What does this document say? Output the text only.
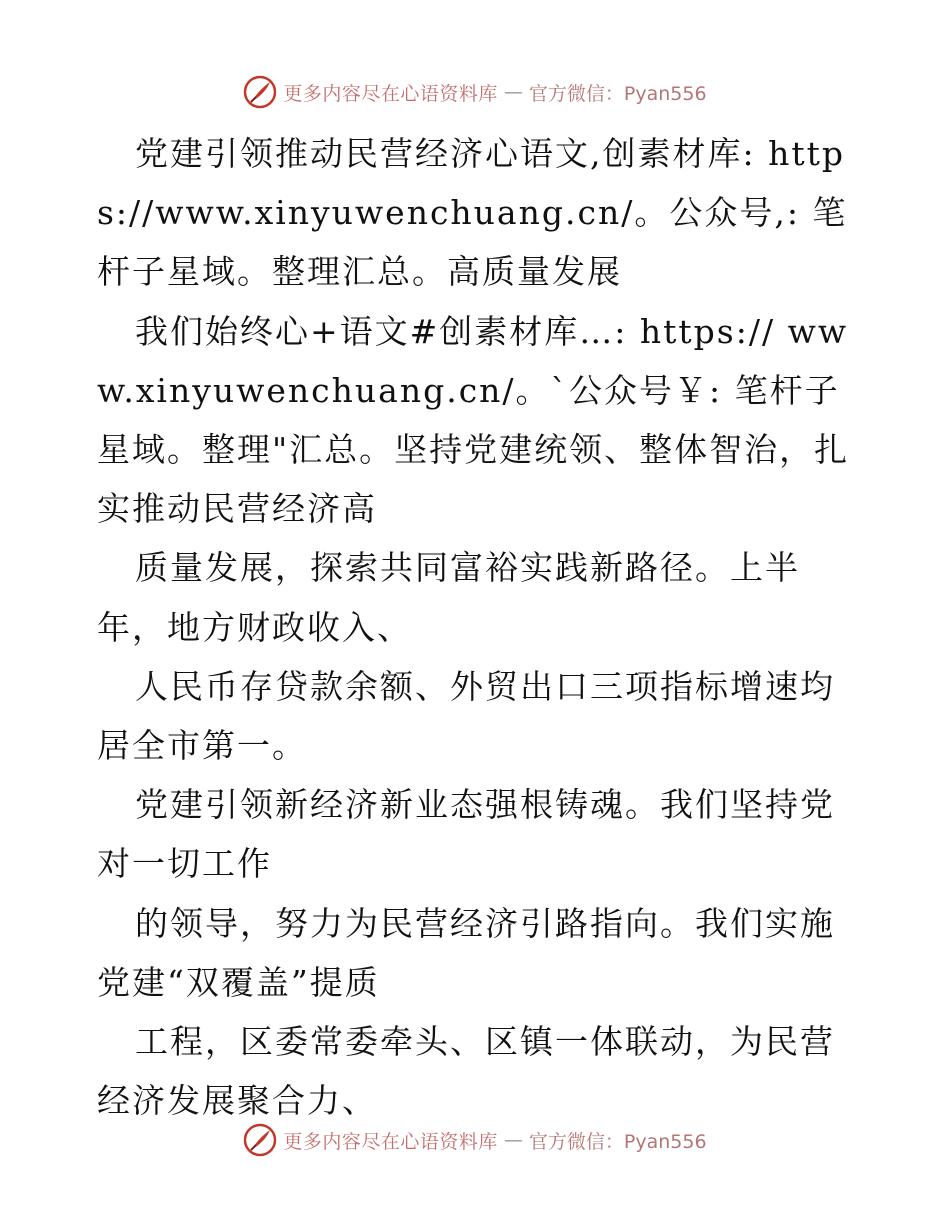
更多内容尽在心语资料库 — 官方微信：Pyan556

党建引领推动民营经济心语文,创素材库: https://www.xinyuwenchuang.cn/。公众号,: 笔杆子星域。整理汇总。高质量发展

我们始终心+语文#创素材库…: https:// www.xinyuwenchuang.cn/。`公众号￥: 笔杆子星域。整理"汇总。坚持党建统领、整体智治，扎实推动民营经济高

质量发展，探索共同富裕实践新路径。上半年，地方财政收入、

人民币存贷款余额、外贸出口三项指标增速均居全市第一。

党建引领新经济新业态强根铸魂。我们坚持党对一切工作

的领导，努力为民营经济引路指向。我们实施党建“双覆盖”提质

工程，区委常委牵头、区镇一体联动，为民营经济发展聚合力、

更多内容尽在心语资料库 — 官方微信：Pyan556
